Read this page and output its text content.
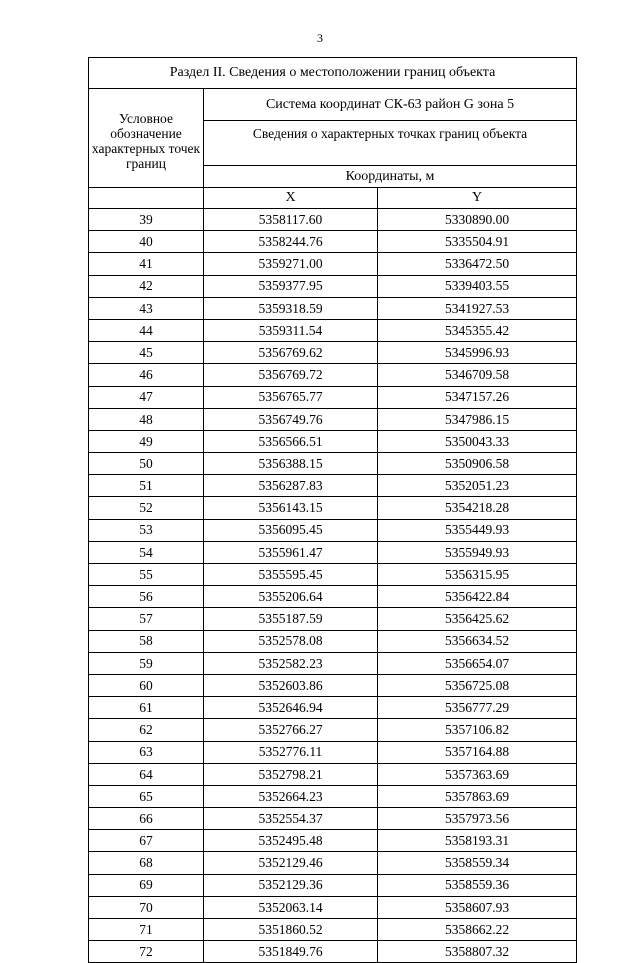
3
Раздел II. Сведения о местоположении границ объекта		
Условное обозначение характерных точек границ	Система координат СК-63 район G зона 5	
	Сведения о характерных точках границ объекта	
	Координаты, м	
	X	Y
39	5358117.60	5330890.00
40	5358244.76	5335504.91
41	5359271.00	5336472.50
42	5359377.95	5339403.55
43	5359318.59	5341927.53
44	5359311.54	5345355.42
45	5356769.62	5345996.93
46	5356769.72	5346709.58
47	5356765.77	5347157.26
48	5356749.76	5347986.15
49	5356566.51	5350043.33
50	5356388.15	5350906.58
51	5356287.83	5352051.23
52	5356143.15	5354218.28
53	5356095.45	5355449.93
54	5355961.47	5355949.93
55	5355595.45	5356315.95
56	5355206.64	5356422.84
57	5355187.59	5356425.62
58	5352578.08	5356634.52
59	5352582.23	5356654.07
60	5352603.86	5356725.08
61	5352646.94	5356777.29
62	5352766.27	5357106.82
63	5352776.11	5357164.88
64	5352798.21	5357363.69
65	5352664.23	5357863.69
66	5352554.37	5357973.56
67	5352495.48	5358193.31
68	5352129.46	5358559.34
69	5352129.36	5358559.36
70	5352063.14	5358607.93
71	5351860.52	5358662.22
72	5351849.76	5358807.32
